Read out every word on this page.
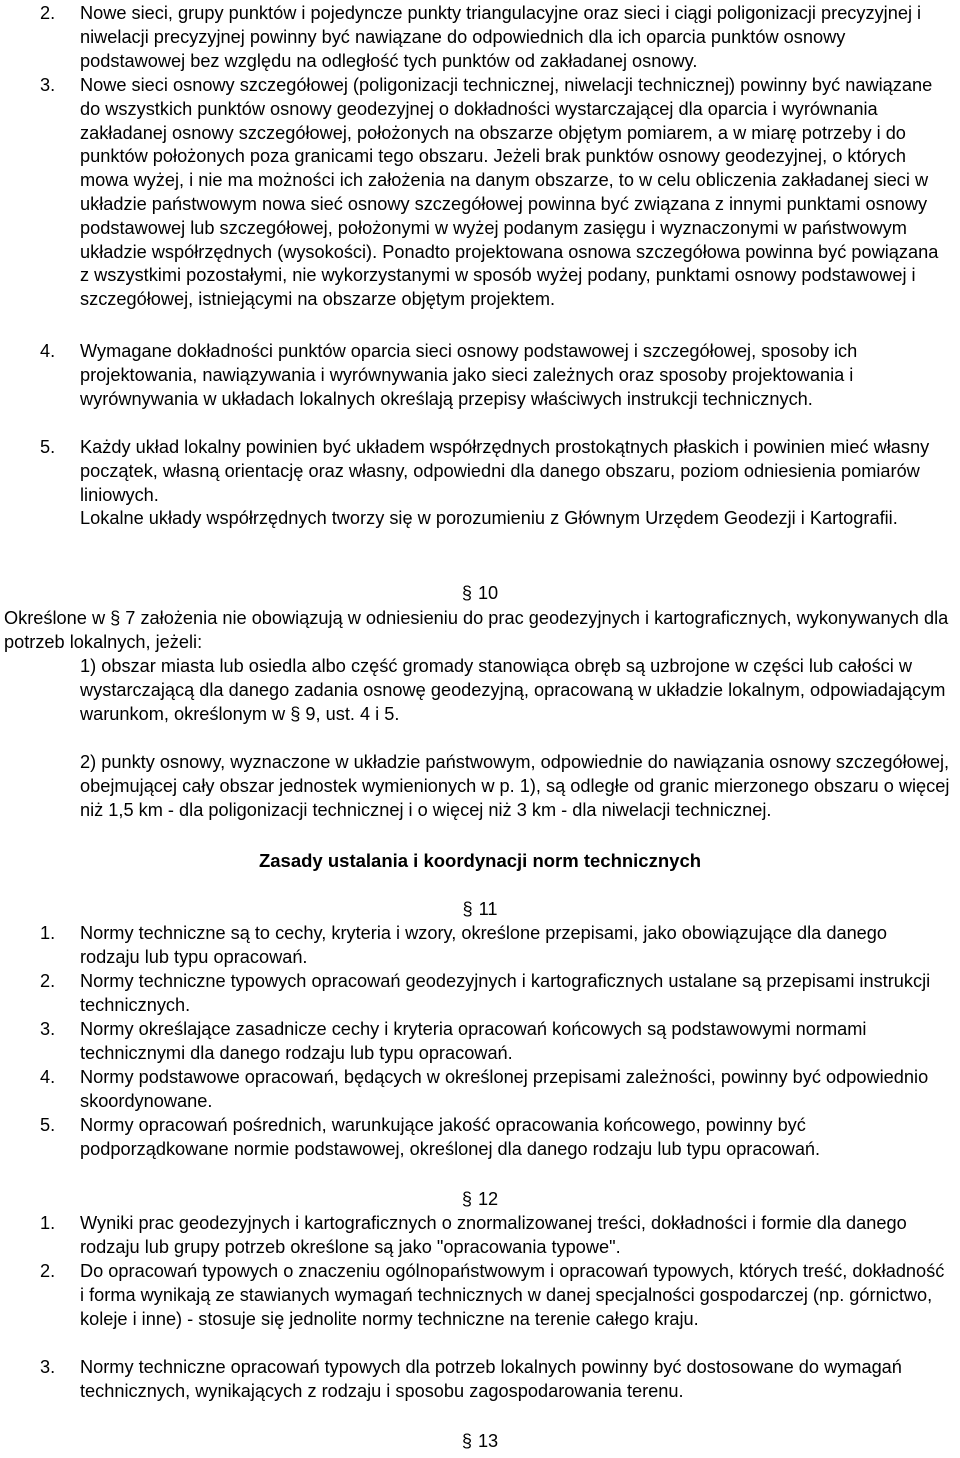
2. Nowe sieci, grupy punktów i pojedyncze punkty triangulacyjne oraz sieci i ciągi poligonizacji precyzyjnej i niwelacji precyzyjnej powinny być nawiązane do odpowiednich dla ich oparcia punktów osnowy podstawowej bez względu na odległość tych punktów od zakładanej osnowy.
3. Nowe sieci osnowy szczegółowej (poligonizacji technicznej, niwelacji technicznej) powinny być nawiązane do wszystkich punktów osnowy geodezyjnej o dokładności wystarczającej dla oparcia i wyrównania zakładanej osnowy szczegółowej, położonych na obszarze objętym pomiarem, a w miarę potrzeby i do punktów położonych poza granicami tego obszaru. Jeżeli brak punktów osnowy geodezyjnej, o których mowa wyżej, i nie ma możności ich założenia na danym obszarze, to w celu obliczenia zakładanej sieci w układzie państwowym nowa sieć osnowy szczegółowej powinna być związana z innymi punktami osnowy podstawowej lub szczegółowej, położonymi w wyżej podanym zasięgu i wyznaczonymi w państwowym układzie współrzędnych (wysokości). Ponadto projektowana osnowa szczegółowa powinna być powiązana z wszystkimi pozostałymi, nie wykorzystanymi w sposób wyżej podany, punktami osnowy podstawowej i szczegółowej, istniejącymi na obszarze objętym projektem.
4. Wymagane dokładności punktów oparcia sieci osnowy podstawowej i szczegółowej, sposoby ich projektowania, nawiązywania i wyrównywania jako sieci zależnych oraz sposoby projektowania i wyrównywania w układach lokalnych określają przepisy właściwych instrukcji technicznych.
5. Każdy układ lokalny powinien być układem współrzędnych prostokątnych płaskich i powinien mieć własny początek, własną orientację oraz własny, odpowiedni dla danego obszaru, poziom odniesienia pomiarów liniowych.
Lokalne układy współrzędnych tworzy się w porozumieniu z Głównym Urzędem Geodezji i Kartografii.
§ 10
Określone w § 7 założenia nie obowiązują w odniesieniu do prac geodezyjnych i kartograficznych, wykonywanych dla potrzeb lokalnych, jeżeli:
1) obszar miasta lub osiedla albo część gromady stanowiąca obręb są uzbrojone w części lub całości w wystarczającą dla danego zadania osnowę geodezyjną, opracowaną w układzie lokalnym, odpowiadającym warunkom, określonym w § 9, ust. 4 i 5.
2) punkty osnowy, wyznaczone w układzie państwowym, odpowiednie do nawiązania osnowy szczegółowej, obejmującej cały obszar jednostek wymienionych w p. 1), są odległe od granic mierzonego obszaru o więcej niż 1,5 km - dla poligonizacji technicznej i o więcej niż 3 km - dla niwelacji technicznej.
Zasady ustalania i koordynacji norm technicznych
§ 11
1. Normy techniczne są to cechy, kryteria i wzory, określone przepisami, jako obowiązujące dla danego rodzaju lub typu opracowań.
2. Normy techniczne typowych opracowań geodezyjnych i kartograficznych ustalane są przepisami instrukcji technicznych.
3. Normy określające zasadnicze cechy i kryteria opracowań końcowych są podstawowymi normami technicznymi dla danego rodzaju lub typu opracowań.
4. Normy podstawowe opracowań, będących w określonej przepisami zależności, powinny być odpowiednio skoordynowane.
5. Normy opracowań pośrednich, warunkujące jakość opracowania końcowego, powinny być podporządkowane normie podstawowej, określonej dla danego rodzaju lub typu opracowań.
§ 12
1. Wyniki prac geodezyjnych i kartograficznych o znormalizowanej treści, dokładności i formie dla danego rodzaju lub grupy potrzeb określone są jako "opracowania typowe".
2. Do opracowań typowych o znaczeniu ogólnopaństwowym i opracowań typowych, których treść, dokładność i forma wynikają ze stawianych wymagań technicznych w danej specjalności gospodarczej (np. górnictwo, koleje i inne) - stosuje się jednolite normy techniczne na terenie całego kraju.
3. Normy techniczne opracowań typowych dla potrzeb lokalnych powinny być dostosowane do wymagań technicznych, wynikających z rodzaju i sposobu zagospodarowania terenu.
§ 13
